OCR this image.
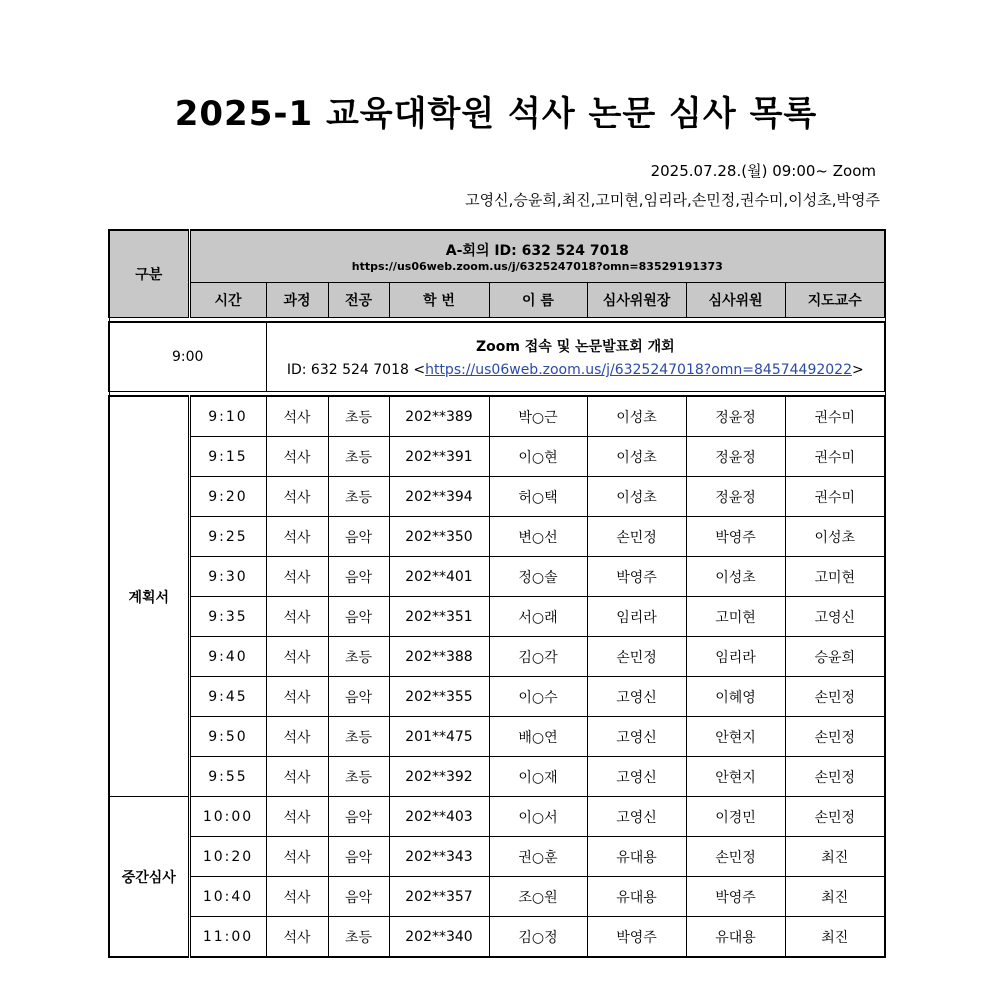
2025-1 교육대학원 석사 논문 심사 목록
2025.07.28.(월) 09:00~ Zoom
고영신,승윤희,최진,고미현,임리라,손민정,권수미,이성초,박영주
구분	A-회의 ID: 632 524 7018
https://us06web.zoom.us/j/6325247018?omn=83529191373							

	시간	과정	전공	학 번	이 름	심사위원장	심사위원	지도교수

9:00		Zoom 접속 및 논문발표회 개회
ID: 632 524 7018 <https://us06web.zoom.us/j/6325247018?omn=84574492022>						

계획서	9:10	석사	초등	202**389	박○근	이성초	정윤정	권수미
	9:15	석사	초등	202**391	이○현	이성초	정윤정	권수미
	9:20	석사	초등	202**394	허○택	이성초	정윤정	권수미
	9:25	석사	음악	202**350	변○선	손민정	박영주	이성초
	9:30	석사	음악	202**401	정○솔	박영주	이성초	고미현
	9:35	석사	음악	202**351	서○래	임리라	고미현	고영신
	9:40	석사	초등	202**388	김○각	손민정	임리라	승윤희
	9:45	석사	음악	202**355	이○수	고영신	이혜영	손민정
	9:50	석사	초등	201**475	배○연	고영신	안현지	손민정
	9:55	석사	초등	202**392	이○재	고영신	안현지	손민정
중간심사	10:00	석사	음악	202**403	이○서	고영신	이경민	손민정
	10:20	석사	음악	202**343	권○훈	유대용	손민정	최진
	10:40	석사	음악	202**357	조○원	유대용	박영주	최진
	11:00	석사	초등	202**340	김○정	박영주	유대용	최진
